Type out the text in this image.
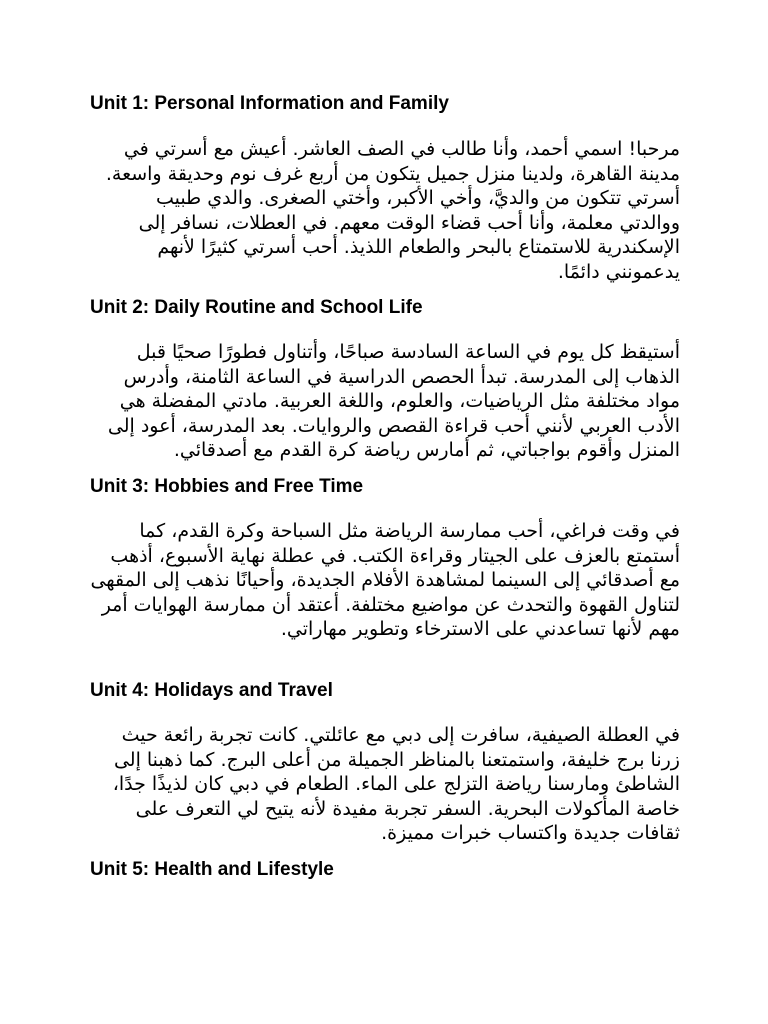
Unit 1: Personal Information and Family

مرحبا! اسمي أحمد، وأنا طالب في الصف العاشر. أعيش مع أسرتي في مدينة القاهرة، ولدينا منزل جميل يتكون من أربع غرف نوم وحديقة واسعة. أسرتي تتكون من والديَّ، وأخي الأكبر، وأختي الصغرى. والدي طبيب ووالدتي معلمة، وأنا أحب قضاء الوقت معهم. في العطلات، نسافر إلى الإسكندرية للاستمتاع بالبحر والطعام اللذيذ. أحب أسرتي كثيرًا لأنهم يدعمونني دائمًا.

Unit 2: Daily Routine and School Life

أستيقظ كل يوم في الساعة السادسة صباحًا، وأتناول فطورًا صحيًا قبل الذهاب إلى المدرسة. تبدأ الحصص الدراسية في الساعة الثامنة، وأدرس مواد مختلفة مثل الرياضيات، والعلوم، واللغة العربية. مادتي المفضلة هي الأدب العربي لأنني أحب قراءة القصص والروايات. بعد المدرسة، أعود إلى المنزل وأقوم بواجباتي، ثم أمارس رياضة كرة القدم مع أصدقائي.

Unit 3: Hobbies and Free Time

في وقت فراغي، أحب ممارسة الرياضة مثل السباحة وكرة القدم، كما أستمتع بالعزف على الجيتار وقراءة الكتب. في عطلة نهاية الأسبوع، أذهب مع أصدقائي إلى السينما لمشاهدة الأفلام الجديدة، وأحيانًا نذهب إلى المقهى لتناول القهوة والتحدث عن مواضيع مختلفة. أعتقد أن ممارسة الهوايات أمر مهم لأنها تساعدني على الاسترخاء وتطوير مهاراتي.

Unit 4: Holidays and Travel

في العطلة الصيفية، سافرت إلى دبي مع عائلتي. كانت تجربة رائعة حيث زرنا برج خليفة، واستمتعنا بالمناظر الجميلة من أعلى البرج. كما ذهبنا إلى الشاطئ ومارسنا رياضة التزلج على الماء. الطعام في دبي كان لذيذًا جدًا، خاصة المأكولات البحرية. السفر تجربة مفيدة لأنه يتيح لي التعرف على ثقافات جديدة واكتساب خبرات مميزة.

Unit 5: Health and Lifestyle
